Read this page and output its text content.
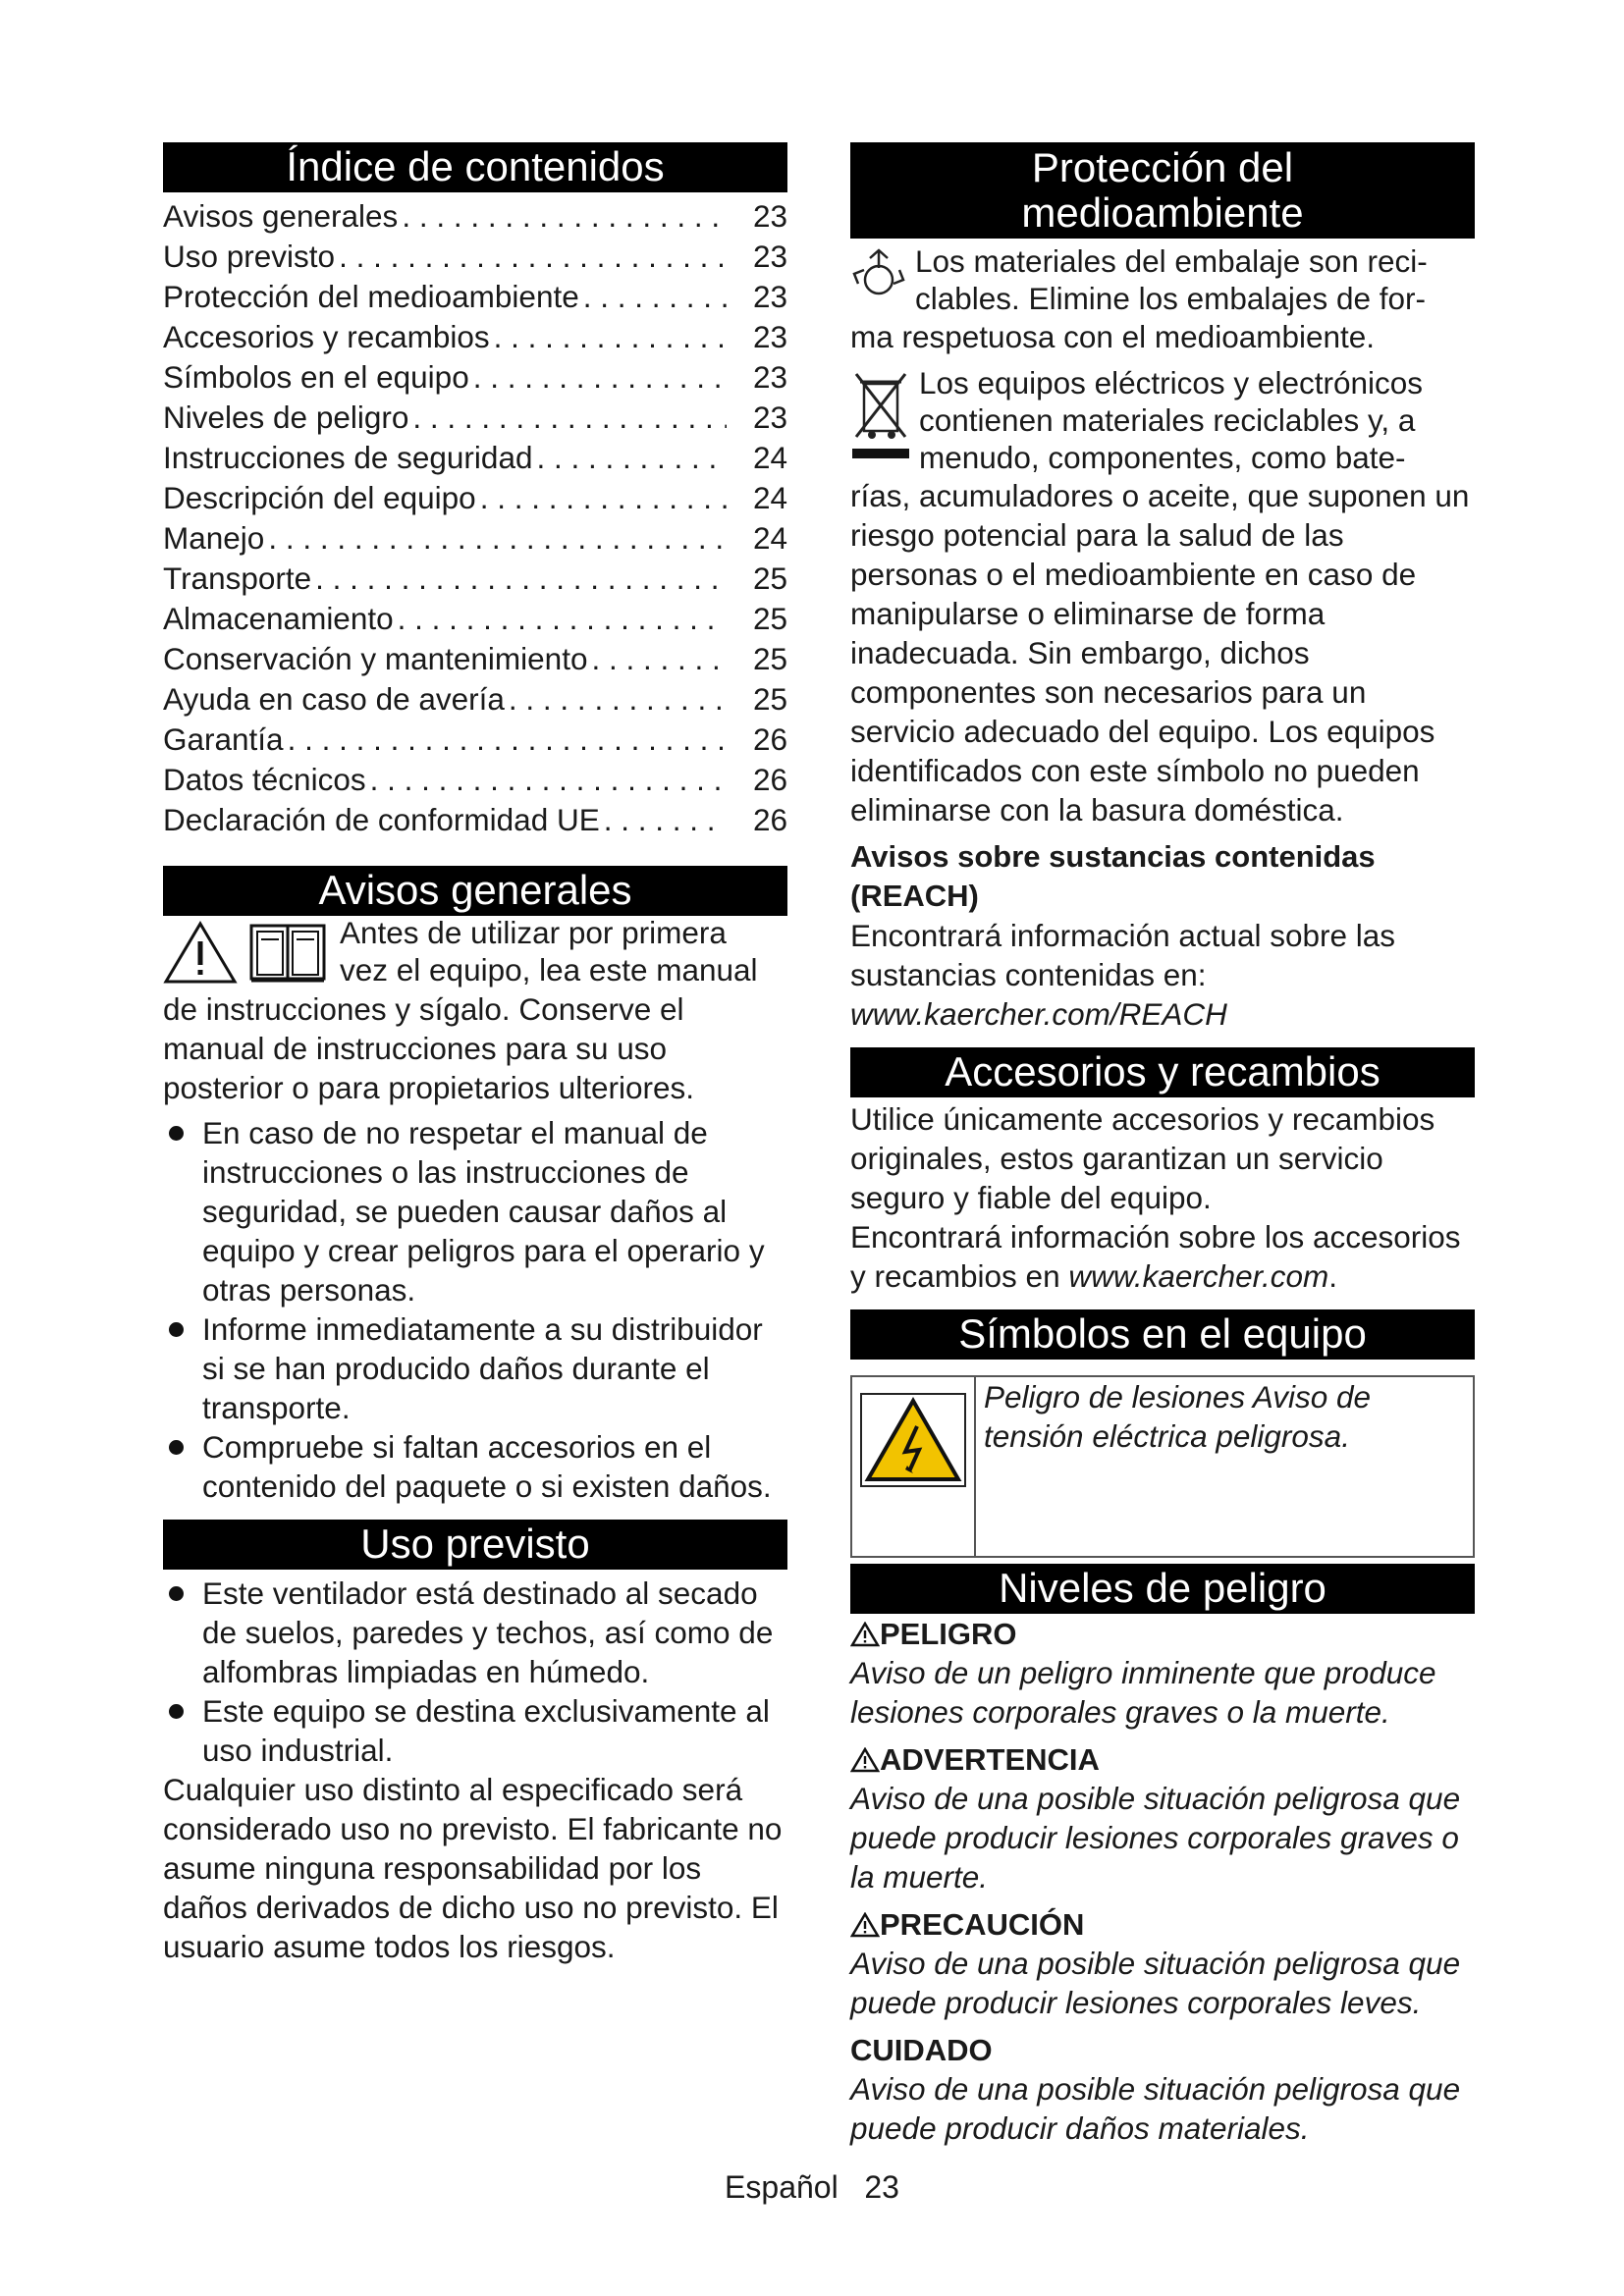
Índice de contenidos
Avisos generales . . .	23
Uso previsto . . .	23
Protección del medioambiente . . .	23
Accesorios y recambios . . .	23
Símbolos en el equipo . . .	23
Niveles de peligro . . .	23
Instrucciones de seguridad . . .	24
Descripción del equipo . . .	24
Manejo . . .	24
Transporte . . .	25
Almacenamiento . . .	25
Conservación y mantenimiento . . .	25
Ayuda en caso de avería . . .	25
Garantía . . .	26
Datos técnicos . . .	26
Declaración de conformidad UE . . .	26
Avisos generales
Antes de utilizar por primera
vez el equipo, lea este manual

de instrucciones y sígalo. Conserve el manual de instrucciones para su uso posterior o para propietarios ulteriores.

En caso de no respetar el manual de instrucciones o las instrucciones de seguridad, se pueden causar daños al equipo y crear peligros para el operario y otras personas.

Informe inmediatamente a su distribuidor si se han producido daños durante el transporte.

Compruebe si faltan accesorios en el contenido del paquete o si existen daños.

Uso previsto

Este ventilador está destinado al secado de suelos, paredes y techos, así como de alfombras limpiadas en húmedo.

Este equipo se destina exclusivamente al uso industrial.

Cualquier uso distinto al especificado será considerado uso no previsto. El fabricante no asume ninguna responsabilidad por los daños derivados de dicho uso no previsto. El usuario asume todos los riesgos.

Protección del
medioambiente
Los materiales del embalaje son reci-
clables. Elimine los embalajes de for-

ma respetuosa con el medioambiente.

Los equipos eléctricos y electrónicos
contienen materiales reciclables y, a
menudo, componentes, como bate-

rías, acumuladores o aceite, que suponen un riesgo potencial para la salud de las personas o el medioambiente en caso de manipularse o eliminarse de forma inadecuada. Sin embargo, dichos componentes son necesarios para un servicio adecuado del equipo. Los equipos identificados con este símbolo no pueden eliminarse con la basura doméstica.

Avisos sobre sustancias contenidas (REACH)

Encontrará información actual sobre las sustancias contenidas en: www.kaercher.com/REACH

Accesorios y recambios

Utilice únicamente accesorios y recambios originales, estos garantizan un servicio seguro y fiable del equipo.

Encontrará información sobre los accesorios y recambios en www.kaercher.com.

Símbolos en el equipo
Peligro de lesiones Aviso de tensión eléctrica peligrosa.
Niveles de peligro

PELIGRO

Aviso de un peligro inminente que produce lesiones corporales graves o la muerte.

ADVERTENCIA

Aviso de una posible situación peligrosa que puede producir lesiones corporales graves o la muerte.

PRECAUCIÓN

Aviso de una posible situación peligrosa que puede producir lesiones corporales leves.

CUIDADO

Aviso de una posible situación peligrosa que puede producir daños materiales.

Español 23
